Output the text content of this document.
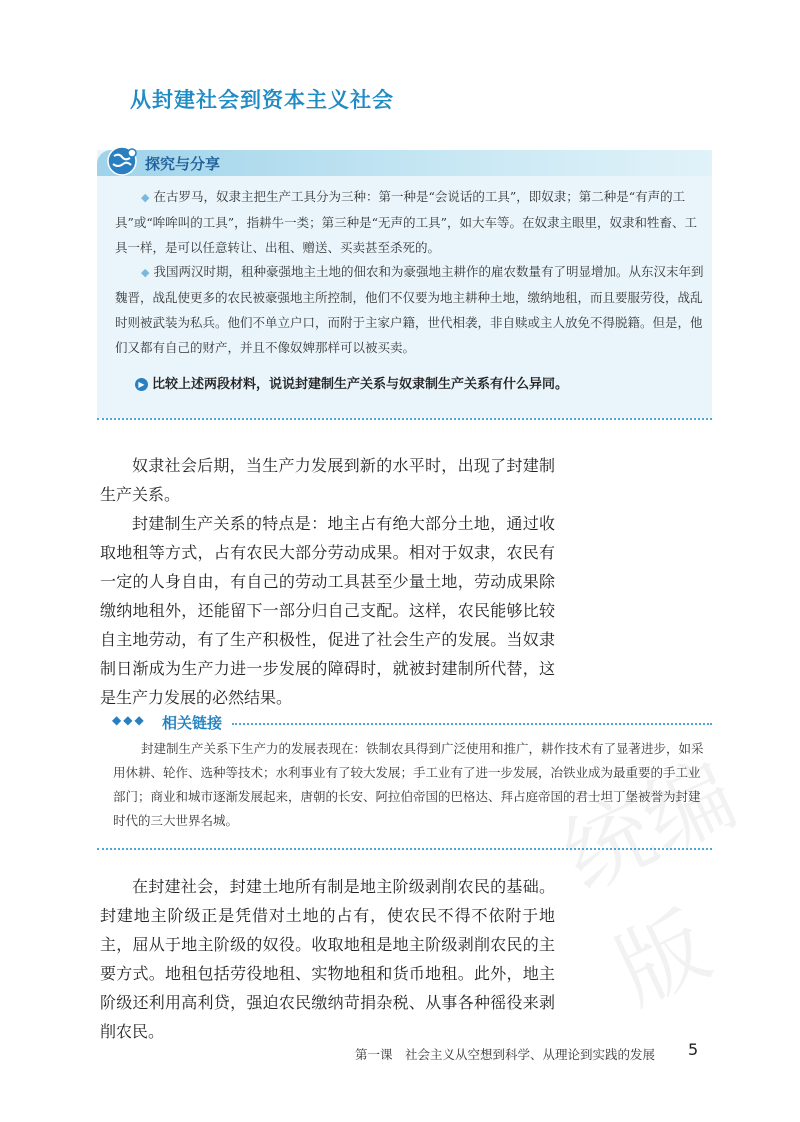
从封建社会到资本主义社会
探究与分享

◆ 在古罗马，奴隶主把生产工具分为三种：第一种是“会说话的工具”，即奴隶；第二种是“有声的工具”或“哞哞叫的工具”，指耕牛一类；第三种是“无声的工具”，如大车等。在奴隶主眼里，奴隶和牲畜、工具一样，是可以任意转让、出租、赠送、买卖甚至杀死的。

◆ 我国两汉时期，租种豪强地主土地的佃农和为豪强地主耕作的雇农数量有了明显增加。从东汉末年到魏晋，战乱使更多的农民被豪强地主所控制，他们不仅要为地主耕种土地，缴纳地租，而且要服劳役，战乱时则被武装为私兵。他们不单立户口，而附于主家户籍，世代相袭，非自赎或主人放免不得脱籍。但是，他们又都有自己的财产，并且不像奴婢那样可以被买卖。

▶ 比较上述两段材料，说说封建制生产关系与奴隶制生产关系有什么异同。

奴隶社会后期，当生产力发展到新的水平时，出现了封建制生产关系。

封建制生产关系的特点是：地主占有绝大部分土地，通过收取地租等方式，占有农民大部分劳动成果。相对于奴隶，农民有一定的人身自由，有自己的劳动工具甚至少量土地，劳动成果除缴纳地租外，还能留下一部分归自己支配。这样，农民能够比较自主地劳动，有了生产积极性，促进了社会生产的发展。当奴隶制日渐成为生产力进一步发展的障碍时，就被封建制所代替，这是生产力发展的必然结果。

◆◆◆ 相关链接

封建制生产关系下生产力的发展表现在：铁制农具得到广泛使用和推广，耕作技术有了显著进步，如采用休耕、轮作、选种等技术；水利事业有了较大发展；手工业有了进一步发展，冶铁业成为最重要的手工业部门；商业和城市逐渐发展起来，唐朝的长安、阿拉伯帝国的巴格达、拜占庭帝国的君士坦丁堡被誉为封建时代的三大世界名城。	统编版

在封建社会，封建土地所有制是地主阶级剥削农民的基础。封建地主阶级正是凭借对土地的占有，使农民不得不依附于地主，屈从于地主阶级的奴役。收取地租是地主阶级剥削农民的主要方式。地租包括劳役地租、实物地租和货币地租。此外，地主阶级还利用高利贷，强迫农民缴纳苛捐杂税、从事各种徭役来剥削农民。

第一课　社会主义从空想到科学、从理论到实践的发展 5
